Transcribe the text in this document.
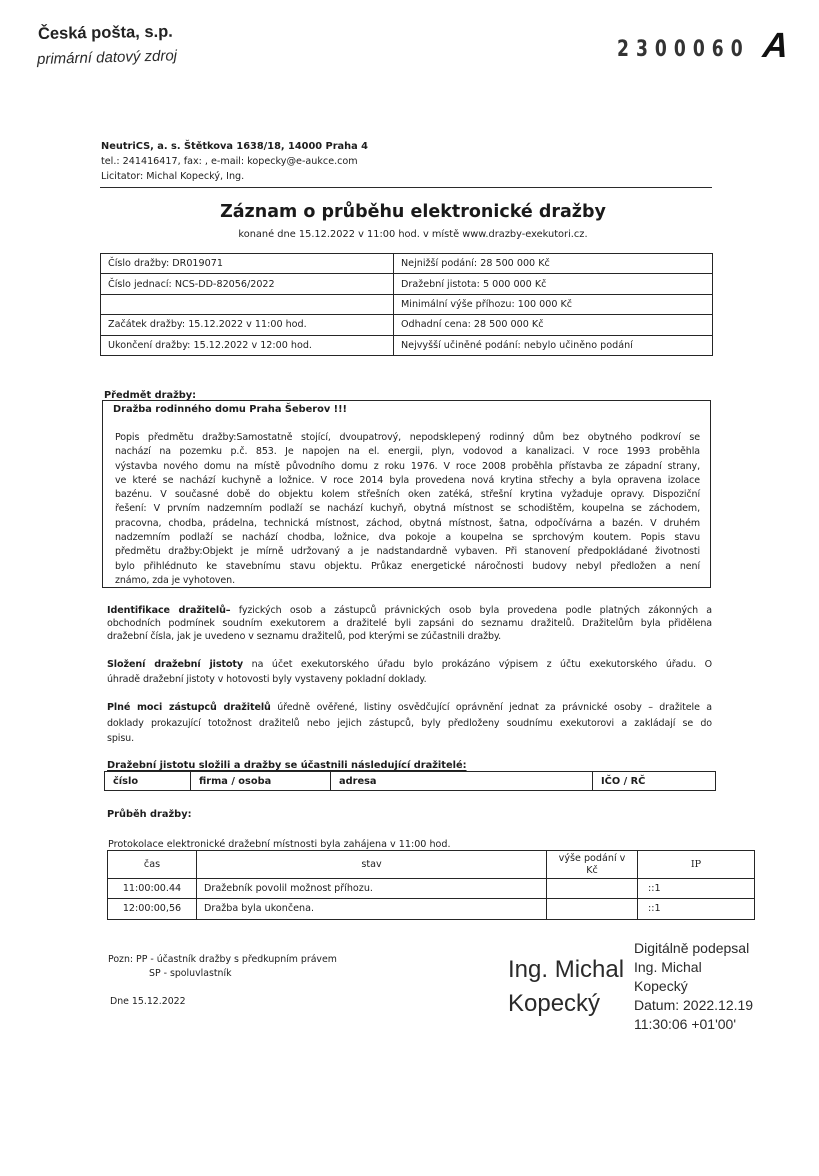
Česká pošta, s.p.
primární datový zdroj	2300060 A
NeutriCS, a. s. Štětkova 1638/18, 14000 Praha 4
tel.: 241416417, fax: , e-mail: kopecky@e-aukce.com
Licitator: Michal Kopecký, Ing.
Záznam o průběhu elektronické dražby
konané dne 15.12.2022 v 11:00 hod. v místě www.drazby-exekutori.cz.
Číslo dražby: DR019071	Nejnižší podání: 28 500 000 Kč
Číslo jednací: NCS-DD-82056/2022	Dražební jistota: 5 000 000 Kč
	Minimální výše příhozu: 100 000 Kč
Začátek dražby: 15.12.2022 v 11:00 hod.	Odhadní cena: 28 500 000 Kč
Ukončení dražby: 15.12.2022 v 12:00 hod.	Nejvyšší učiněné podání: nebylo učiněno podání
Předmět dražby:
Dražba rodinného domu Praha Šeberov !!!
Popis předmětu dražby:Samostatně stojící, dvoupatrový, nepodsklepený rodinný dům bez obytného podkroví se
nachází na pozemku p.č. 853. Je napojen na el. energii, plyn, vodovod a kanalizaci. V roce 1993 proběhla
výstavba nového domu na místě původního domu z roku 1976. V roce 2008 proběhla přístavba ze západní strany,
ve které se nachází kuchyně a ložnice. V roce 2014 byla provedena nová krytina střechy a byla opravena izolace
bazénu. V současné době do objektu kolem střešních oken zatéká, střešní krytina vyžaduje opravy. Dispoziční
řešení: V prvním nadzemním podlaží se nachází kuchyň, obytná místnost se schodištěm, koupelna se záchodem,
pracovna, chodba, prádelna, technická místnost, záchod, obytná místnost, šatna, odpočívárna a bazén. V druhém
nadzemním podlaží se nachází chodba, ložnice, dva pokoje a koupelna se sprchovým koutem. Popis stavu
předmětu dražby:Objekt je mírně udržovaný a je nadstandardně vybaven. Při stanovení předpokládané životnosti
bylo přihlédnuto ke stavebnímu stavu objektu. Průkaz energetické náročnosti budovy nebyl předložen a není
známo, zda je vyhotoven.
Identifikace dražitelů– fyzických osob a zástupců právnických osob byla provedena podle platných zákonných a
obchodních podmínek soudním exekutorem a dražitelé byli zapsáni do seznamu dražitelů. Dražitelům byla přidělena
dražební čísla, jak je uvedeno v seznamu dražitelů, pod kterými se zúčastnili dražby.
Složení dražební jistoty na účet exekutorského úřadu bylo prokázáno výpisem z účtu exekutorského úřadu. O
úhradě dražební jistoty v hotovosti byly vystaveny pokladní doklady.
Plné moci zástupců dražitelů úředně ověřené, listiny osvědčující oprávnění jednat za právnické osoby – dražitele a
doklady prokazující totožnost dražitelů nebo jejich zástupců, byly předloženy soudnímu exekutorovi a zakládají se do
spisu.
Dražební jistotu složili a dražby se účastnili následující dražitelé:
číslo	firma / osoba	adresa	IČO / RČ
Průběh dražby:
Protokolace elektronické dražební místnosti byla zahájena v 11:00 hod.
čas	stav	výše podání v Kč	IP
11:00:00.44	Dražebník povolil možnost příhozu.		::1
12:00:00,56	Dražba byla ukončena.		::1
Pozn: PP - účastník dražby s předkupním právem
SP - spoluvlastník
Dne 15.12.2022
Ing. Michal
Kopecký
Digitálně podepsal
Ing. Michal
Kopecký
Datum: 2022.12.19
11:30:06 +01'00'
